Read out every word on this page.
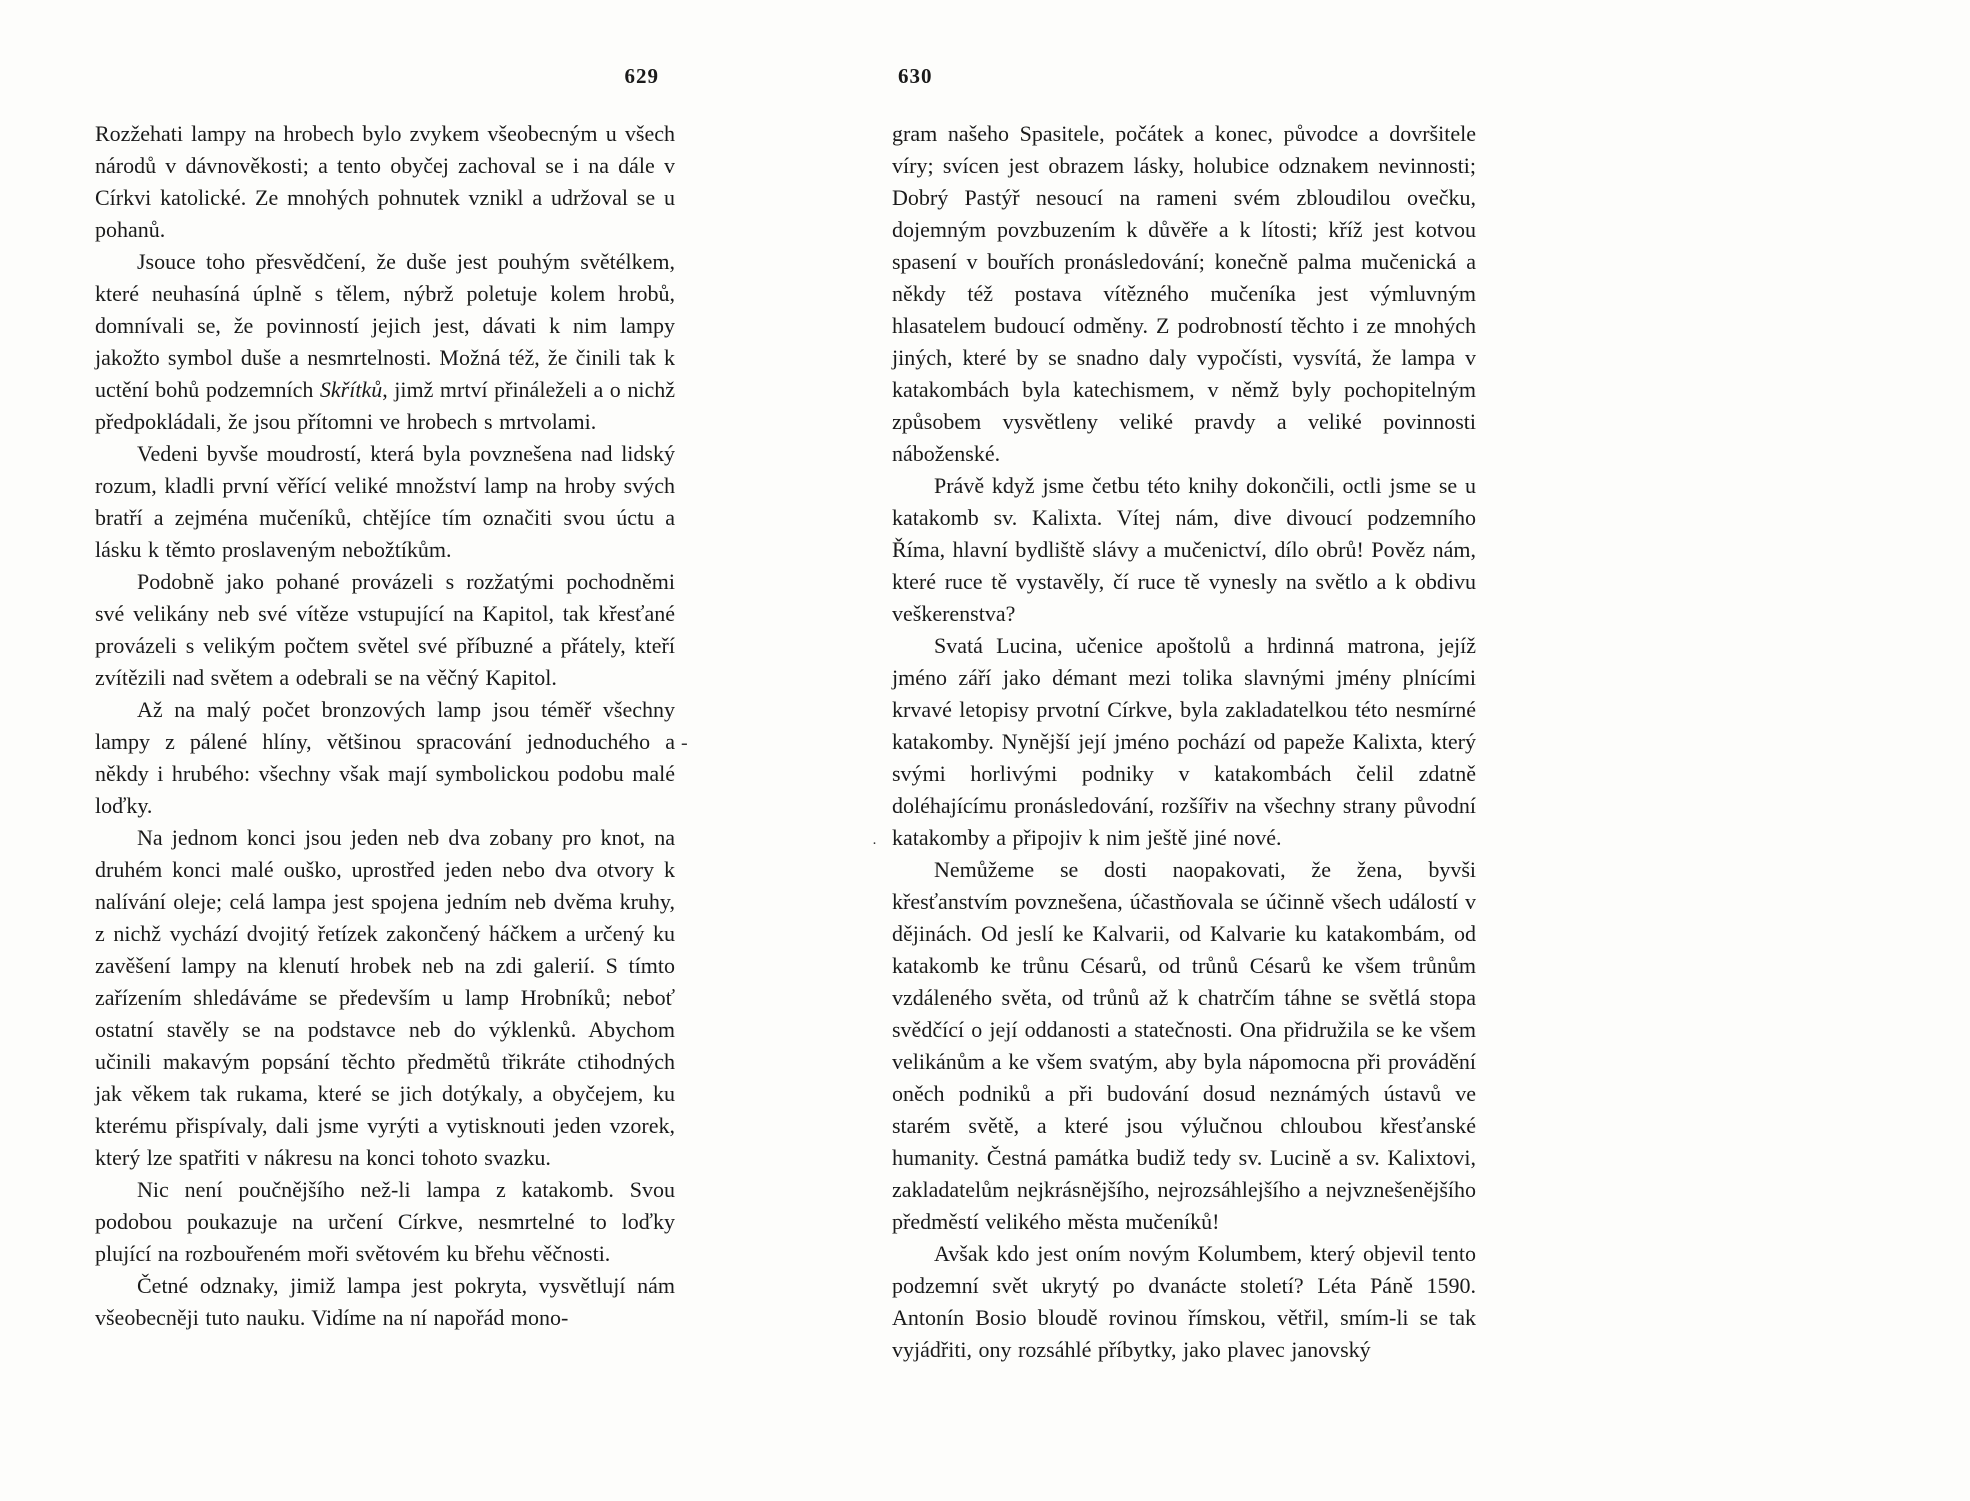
629

Rozžehati lampy na hrobech bylo zvykem všeobecným u všech národů v dávnověkosti; a tento obyčej zachoval se i na dále v Církvi katolické. Ze mnohých pohnutek vznikl a udržoval se u pohanů.

Jsouce toho přesvědčení, že duše jest pouhým světélkem, které neuhasíná úplně s tělem, nýbrž poletuje kolem hrobů, domnívali se, že povinností jejich jest, dávati k nim lampy jakožto symbol duše a nesmrtelnosti. Možná též, že činili tak k uctění bohů podzemních Skřítků, jimž mrtví přináleželi a o nichž předpokládali, že jsou přítomni ve hrobech s mrtvolami.

Vedeni byvše moudrostí, která byla povznešena nad lidský rozum, kladli první věřící veliké množství lamp na hroby svých bratří a zejména mučeníků, chtějíce tím označiti svou úctu a lásku k těmto proslaveným nebožtíkům.

Podobně jako pohané provázeli s rozžatými pochodněmi své velikány neb své vítěze vstupující na Kapitol, tak křesťané provázeli s velikým počtem světel své příbuzné a přátely, kteří zvítězili nad světem a odebrali se na věčný Kapitol.

Až na malý počet bronzových lamp jsou téměř všechny lampy z pálené hlíny, většinou spracování jednoduchého a někdy i hrubého: všechny však mají symbolickou podobu malé loďky.

Na jednom konci jsou jeden neb dva zobany pro knot, na druhém konci malé ouško, uprostřed jeden nebo dva otvory k nalívání oleje; celá lampa jest spojena jedním neb dvěma kruhy, z nichž vychází dvojitý řetízek zakončený háčkem a určený ku zavěšení lampy na klenutí hrobek neb na zdi galerií. S tímto zařízením shledáváme se především u lamp Hrobníků; neboť ostatní stavěly se na podstavce neb do výklenků. Abychom učinili makavým popsání těchto předmětů třikráte ctihodných jak věkem tak rukama, které se jich dotýkaly, a obyčejem, ku kterému přispívaly, dali jsme vyrýti a vytisknouti jeden vzorek, který lze spatřiti v nákresu na konci tohoto svazku.

Nic není poučnějšího než-li lampa z katakomb. Svou podobou poukazuje na určení Církve, nesmrtelné to loďky plující na rozbouřeném moři světovém ku břehu věčnosti.

Četné odznaky, jimiž lampa jest pokryta, vysvětlují nám všeobecněji tuto nauku. Vidíme na ní napořád mono-

630

gram našeho Spasitele, počátek a konec, původce a dovršitele víry; svícen jest obrazem lásky, holubice odznakem nevinnosti; Dobrý Pastýř nesoucí na rameni svém zbloudilou ovečku, dojemným povzbuzením k důvěře a k lítosti; kříž jest kotvou spasení v bouřích pronásledování; konečně palma mučenická a někdy též postava vítězného mučeníka jest výmluvným hlasatelem budoucí odměny. Z podrobností těchto i ze mnohých jiných, které by se snadno daly vypočísti, vysvítá, že lampa v katakombách byla katechismem, v němž byly pochopitelným způsobem vysvětleny veliké pravdy a veliké povinnosti náboženské.

Právě když jsme četbu této knihy dokončili, octli jsme se u katakomb sv. Kalixta. Vítej nám, dive divoucí podzemního Říma, hlavní bydliště slávy a mučenictví, dílo obrů! Pověz nám, které ruce tě vystavěly, čí ruce tě vynesly na světlo a k obdivu veškerenstva?

Svatá Lucina, učenice apoštolů a hrdinná matrona, jejíž jméno září jako démant mezi tolika slavnými jmény plnícími krvavé letopisy prvotní Církve, byla zakladatelkou této nesmírné katakomby. Nynější její jméno pochází od papeže Kalixta, který svými horlivými podniky v katakombách čelil zdatně doléhajícímu pronásledování, rozšířiv na všechny strany původní katakomby a připojiv k nim ještě jiné nové.

Nemůžeme se dosti naopakovati, že žena, byvši křesťanstvím povznešena, účastňovala se účinně všech událostí v dějinách. Od jeslí ke Kalvarii, od Kalvarie ku katakombám, od katakomb ke trůnu Césarů, od trůnů Césarů ke všem trůnům vzdáleného světa, od trůnů až k chatrčím táhne se světlá stopa svědčící o její oddanosti a statečnosti. Ona přidružila se ke všem velikánům a ke všem svatým, aby byla nápomocna při provádění oněch podniků a při budování dosud neznámých ústavů ve starém světě, a které jsou výlučnou chloubou křesťanské humanity. Čestná památka budiž tedy sv. Lucině a sv. Kalixtovi, zakladatelům nejkrásnějšího, nejrozsáhlejšího a nejvznešenějšího předměstí velikého města mučeníků!

Avšak kdo jest oním novým Kolumbem, který objevil tento podzemní svět ukrytý po dvanácte století? Léta Páně 1590. Antonín Bosio bloudě rovinou římskou, větřil, smím-li se tak vyjádřiti, ony rozsáhlé příbytky, jako plavec janovský

-
·
